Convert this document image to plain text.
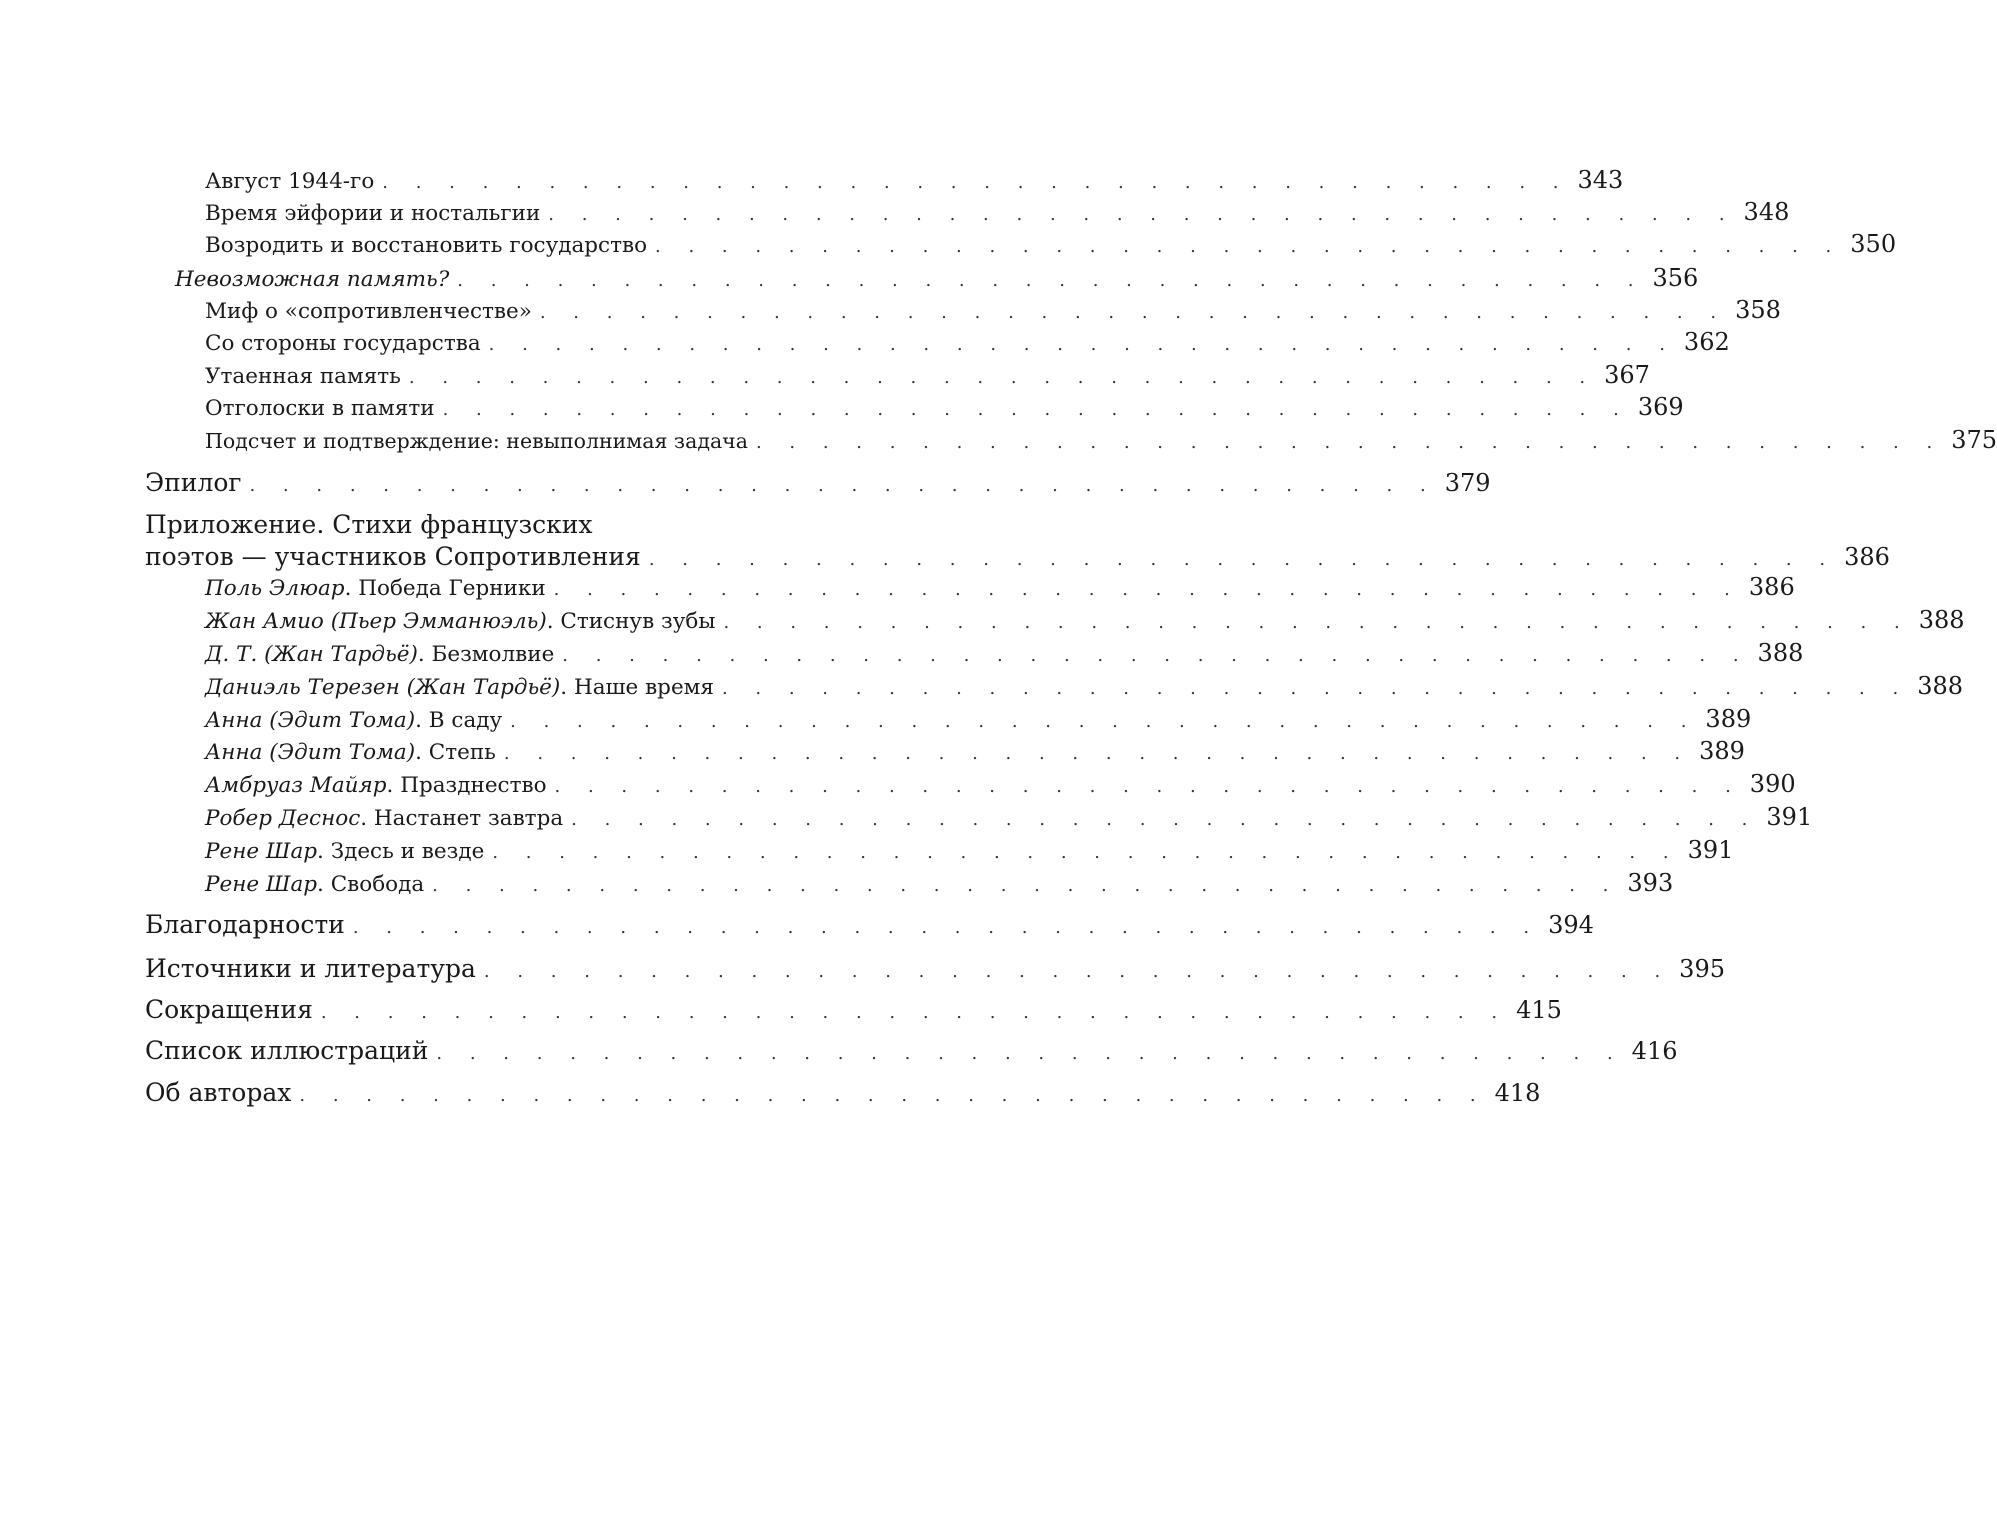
Август 1944-го . . . . . . . . . . . . . . . . . . . . . . . . . . . . . . . . . . . . 343
Время эйфории и ностальгии . . . . . . . . . . . . . . . . . . . . . . . . . . . . . . . . . . . . 348
Возродить и восстановить государство . . . . . . . . . . . . . . . . . . . . . . . . . . . . . . . . . . . . 350
Невозможная память? . . . . . . . . . . . . . . . . . . . . . . . . . . . . . . . . . . . . 356
Миф о «сопротивленчестве» . . . . . . . . . . . . . . . . . . . . . . . . . . . . . . . . . . . . 358
Со стороны государства . . . . . . . . . . . . . . . . . . . . . . . . . . . . . . . . . . . . 362
Утаенная память . . . . . . . . . . . . . . . . . . . . . . . . . . . . . . . . . . . . 367
Отголоски в памяти . . . . . . . . . . . . . . . . . . . . . . . . . . . . . . . . . . . . 369
Подсчет и подтверждение: невыполнимая задача . . . . . . . . . . . . . . . . . . . . . . . . . . . . . . . . . . . . 375
Эпилог . . . . . . . . . . . . . . . . . . . . . . . . . . . . . . . . . . . . 379
Приложение. Стихи французских
поэтов — участников Сопротивления . . . . . . . . . . . . . . . . . . . . . . . . . . . . . . . . . . . . 386
Поль Элюар. Победа Герники . . . . . . . . . . . . . . . . . . . . . . . . . . . . . . . . . . . . 386
Жан Амио (Пьер Эмманюэль). Стиснув зубы . . . . . . . . . . . . . . . . . . . . . . . . . . . . . . . . . . . . 388
Д. Т. (Жан Тардьё). Безмолвие . . . . . . . . . . . . . . . . . . . . . . . . . . . . . . . . . . . . 388
Даниэль Терезен (Жан Тардьё). Наше время . . . . . . . . . . . . . . . . . . . . . . . . . . . . . . . . . . . . 388
Анна (Эдит Тома). В саду . . . . . . . . . . . . . . . . . . . . . . . . . . . . . . . . . . . . 389
Анна (Эдит Тома). Степь . . . . . . . . . . . . . . . . . . . . . . . . . . . . . . . . . . . . 389
Амбруаз Майяр. Празднество . . . . . . . . . . . . . . . . . . . . . . . . . . . . . . . . . . . . 390
Робер Деснос. Настанет завтра . . . . . . . . . . . . . . . . . . . . . . . . . . . . . . . . . . . . 391
Рене Шар. Здесь и везде . . . . . . . . . . . . . . . . . . . . . . . . . . . . . . . . . . . . 391
Рене Шар. Свобода . . . . . . . . . . . . . . . . . . . . . . . . . . . . . . . . . . . . 393
Благодарности . . . . . . . . . . . . . . . . . . . . . . . . . . . . . . . . . . . . 394
Источники и литература . . . . . . . . . . . . . . . . . . . . . . . . . . . . . . . . . . . . 395
Сокращения . . . . . . . . . . . . . . . . . . . . . . . . . . . . . . . . . . . . 415
Список иллюстраций . . . . . . . . . . . . . . . . . . . . . . . . . . . . . . . . . . . . 416
Об авторах . . . . . . . . . . . . . . . . . . . . . . . . . . . . . . . . . . . . 418
